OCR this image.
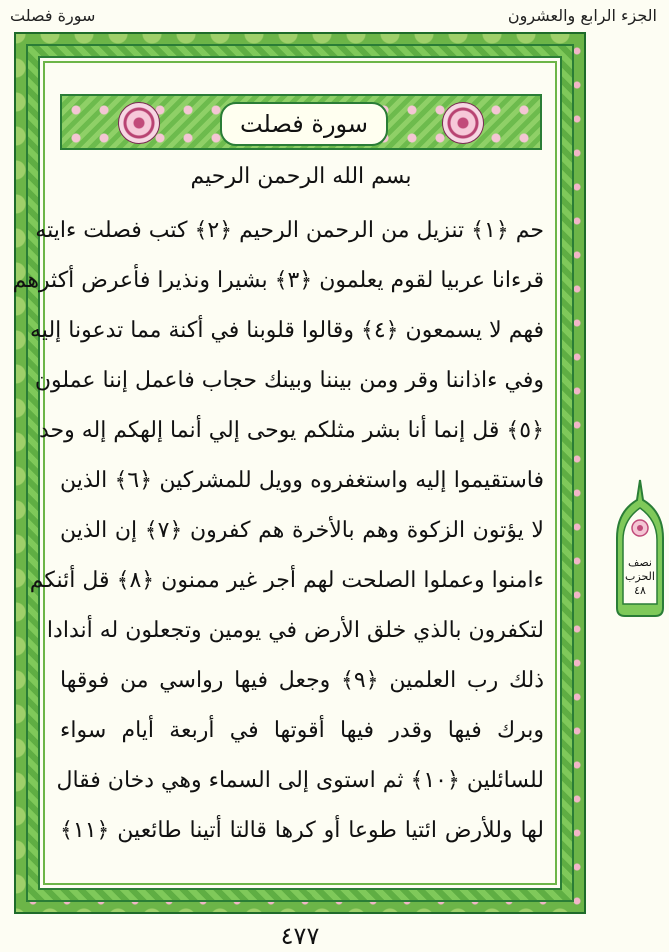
الجزء الرابع والعشرون
سورة فصلت
سورة فصلت
بسم الله الرحمن الرحيم
حم ﴿١﴾ تنزيل من الرحمن الرحيم ﴿٢﴾ كتب فصلت ءايته
قرءانا عربيا لقوم يعلمون ﴿٣﴾ بشيرا ونذيرا فأعرض أكثرهم
فهم لا يسمعون ﴿٤﴾ وقالوا قلوبنا في أكنة مما تدعونا إليه
وفي ءاذاننا وقر ومن بيننا وبينك حجاب فاعمل إننا عملون
﴿٥﴾ قل إنما أنا بشر مثلكم يوحى إلي أنما إلهكم إله وحد
فاستقيموا إليه واستغفروه وويل للمشركين ﴿٦﴾ الذين
لا يؤتون الزكوة وهم بالأخرة هم كفرون ﴿٧﴾ إن الذين
ءامنوا وعملوا الصلحت لهم أجر غير ممنون ﴿٨﴾ قل أئنكم
لتكفرون بالذي خلق الأرض في يومين وتجعلون له أندادا
ذلك رب العلمين ﴿٩﴾ وجعل فيها رواسي من فوقها
وبرك فيها وقدر فيها أقوتها في أربعة أيام سواء
للسائلين ﴿١٠﴾ ثم استوى إلى السماء وهي دخان فقال
لها وللأرض ائتيا طوعا أو كرها قالتا أتينا طائعين ﴿١١﴾
نصف
الحزب
٤٨
٤٧٧
